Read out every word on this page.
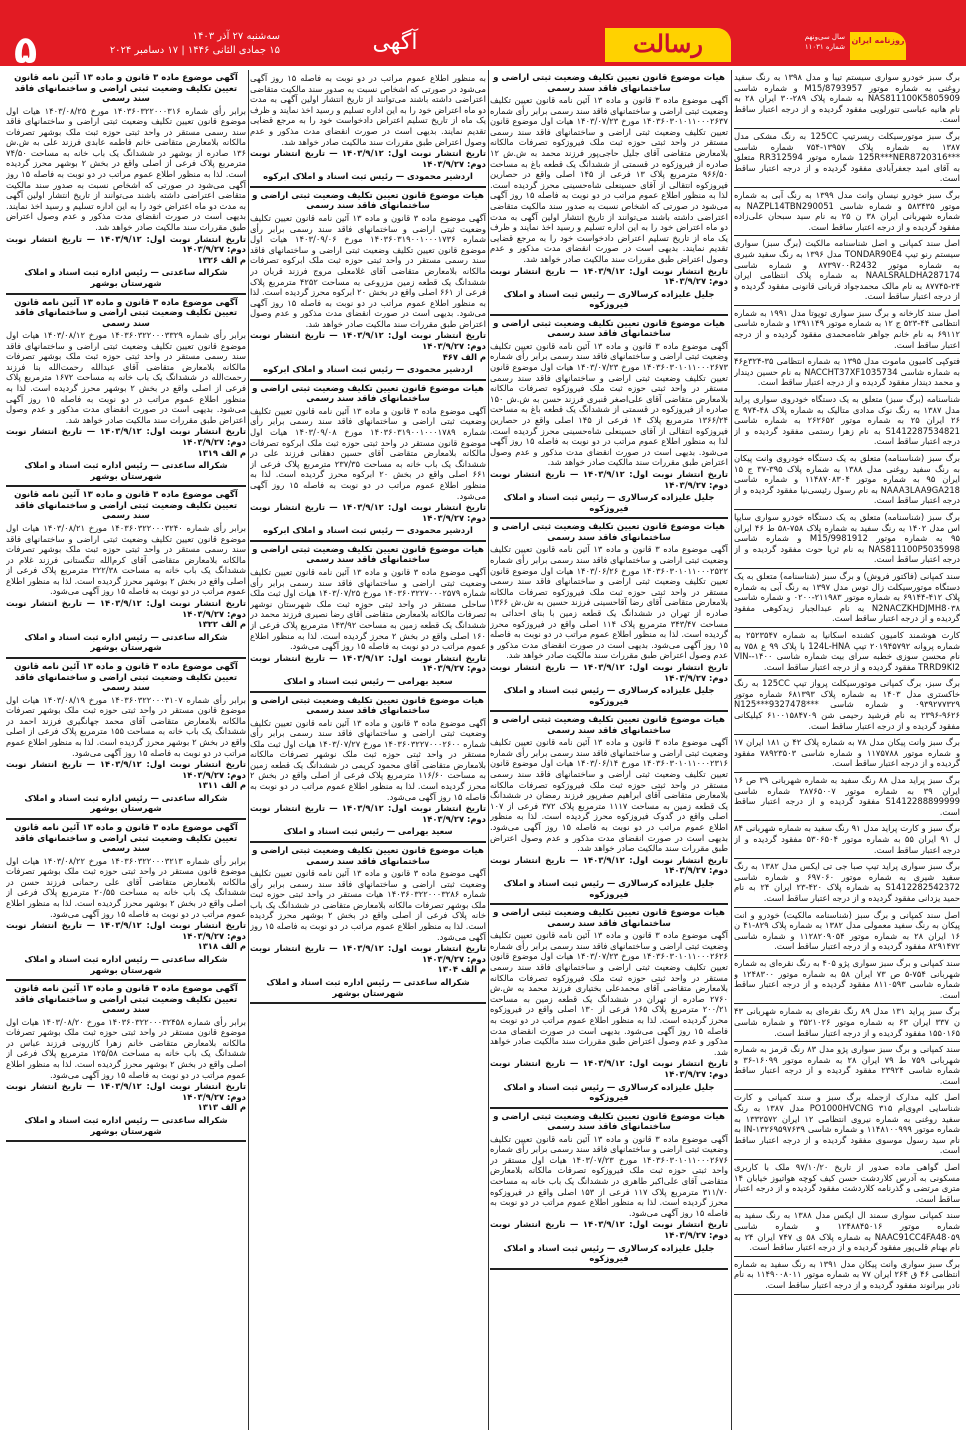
۵	سه‌شنبه ۲۷ آذر ۱۴۰۳
۱۵ جمادی الثانی ۱۴۴۶ | ۱۷ دسامبر ۲۰۲۴	آگهی	رسالت	سال سی‌ونهم
شماره ۱۱۰۳۱
روزنامه ایران
برگ سبز خودرو سواری سیستم تیبا و مدل ۱۳۹۸ به رنگ سفید روغنی به شماره موتور M15/8793957 و شماره شاسی NAS811100K5805909 به شماره پلاک ۲۸۹-۳۰ ایران ۲۸ به نام هانیه عباسی تنورلویی مفقود گردیده و از درجه اعتبار ساقط است.
برگ سبز موتورسیکلت ریسرتیپ 125CC به رنگ مشکی مدل ۱۳۸۷ به شماره پلاک ۱۳۹۵۷-۷۵۴ شماره شاسی ***125R***NER8720316 شماره موتور RR312594 متعلق به آقای امید جعفرآبادی مفقود گردیده و از درجه اعتبار ساقط است.
برگ سبز خودرو نیسان وانت مدل ۱۳۹۹ به رنگ آبی به شماره موتور ۵۸۳۴۳۵ و شماره شاسی NAZPL14TBN290051 به شماره شهربانی ایران ۳۸ ن ۲۵ به نام سید سبحان علی‌زاده مفقود گردیده و از درجه اعتبار ساقط است.
اصل سند کمپانی و اصل شناسنامه مالکیت (برگ سبز) سواری سیستم رنو تیپ TONDAR90E4 مدل ۱۳۹۶ به رنگ سفید شیری به شماره موتور ۸۷۳۹۷۰۰R2432 و شماره شاسی NAALSRALDHA287174 به شماره پلاک انتظامی ایران ۲۴-۸۷۷۴۵ به نام مالک محمدجواد قربانی قانونی مفقود گردیده و از درجه اعتبار ساقط است.
اصل سند کارخانه و برگ سبز سواری تویوتا مدل ۱۹۹۱ به شماره انتظامی ۴۴-۵۲۳ ج ۱۲ به شماره موتور ۱۳۹۱۱۴۹ و شماره شاسی ۶۹۱۱۲ به نام خانم جواهر شاه‌محمدی مفقود گردیده و از درجه اعتبار ساقط است.
فتوکپی کامیون ماموت مدل ۱۳۹۵ به شماره انتظامی ۳۵-۳۲۴ع۴۶ به شماره شاسی NACCHT37XF1035734 به نام حسین دیندار و محمد دیندار مفقود گردیده و از درجه اعتبار ساقط است.
شناسنامه (برگ سبز) متعلق به یک دستگاه خودروی سواری پراید مدل ۱۳۸۷ به رنگ نوک مدادی متالیک به شماره پلاک ۴۸-۹۷۴ ج ۲۶ ایران ۲۵ به شماره موتور ۲۶۲۶۵۲ به شماره شاسی S1412287534821 به نام زهرا رستمی مفقود گردیده و از درجه اعتبار ساقط است.
برگ سبز (شناسنامه) متعلق به یک دستگاه خودروی وانت پیکان به رنگ سفید روغنی مدل ۱۳۸۸ به شماره پلاک ۳۹۵-۳۷ ج ۱۵ ایران ۹۵ به شماره موتور ۱۱۴۸۷۰۸۳۰۴ و شماره شاسی NAAA3LAA9GA218 به نام رسول رئیسی‌نیا مفقود گردیده و از درجه اعتبار ساقط است.
برگ سبز (شناسنامه) متعلق به یک دستگاه خودرو سواری سایپا اس مدل ۱۴۰۲ به رنگ سفید به شماره پلاک ۷۵۸-۵۸ ط ۴۶ ایران ۹۵ به شماره موتور M15/9981912 و شماره شاسی NAS811100P5035998 به نام ثریا حوت مفقود گردیده و از درجه اعتبار ساقط است.
سند کمپانی (فاکتور فروش) و برگ سبز (شناسنامه) متعلق به یک دستگاه موتورسیکلت زال توس مدل ۱۳۹۷ به رنگ آبی به شماره پلاک ۴۱۲-۶۹۱۴۴ به شماره موتور ۲۱۱۹۸۳-۰۲۰۰ و شماره شاسی N2NACZKHDJMH8۰۳۸ به نام عبدالجبار زیدکوهی مفقود گردیده و از درجه اعتبار ساقط است.
کارت هوشمند کامیون کشنده اسکانیا به شماره ۲۵۲۳۵۴۷ به شماره پروانه ۲۰۱۹۴۵۷۹۲ تیپ 124L-HNA با پلاک ۹۹ ع ۷۵۸ به نام محسن سوزی خطبه سرای بیت شماره شاسی ۱۴۰۰-VIN-TRRD9KI2 مفقود گردیده و از درجه اعتبار ساقط است.
برگ سبز، برگ کمپانی موتورسیکلت پرواز تیپ 125CC به رنگ خاکستری مدل ۱۴۰۳ به شماره پلاک ۶۸۱۳۹۳ شماره موتور ۰۹۳۹۲۷۷۳۲۹ و شماره شاسی ***N125***9327478 ۲۳۹۶-۹۶۲۶ به نام فرشید رحیمی شن ۶۱۰۰۱۵۸۴۷۰۹ کیلیکانی مفقود گردیده و از درجه اعتبار ساقط است.
برگ سبز وانت پیکان مدل ۷۸ به شماره پلاک ۴۲ ن ۱۸۱ ایران ۱۷ و شماره موتور ۱۱۷۵۷۸۸ و شماره شاسی ۷۸۹۲۳۵۰۳ مفقود گردیده و از درجه اعتبار ساقط است.
برگ سبز پراید مدل ۸۸ رنگ سفید به شماره شهربانی ۳۹ ص ۱۶ ایران ۳۹ به شماره موتور ۲۸۷۶۵۰۰۷ شماره شاسی S1412288899999 مفقود گردیده و از درجه اعتبار ساقط است.
برگ سبز و کارت پراید مدل ۹۱ رنگ سفید به شماره شهربانی ۸۴ ل ۹۱ ایران ۵۵ به شماره موتور ۵۳۰۶۵۰۴ مفقود گردیده و از درجه اعتبار ساقط است.
برگ سبز سواری پراید تیپ صبا جی تی ایکس مدل ۱۳۸۲ به رنگ سفید شیری به شماره موتور ۶۹۷۰۶۰ و شماره شاسی S1412282542372 به شماره پلاک ۴۲۰-۲۳ ایران ۲۴ به نام حمید یزدانی مفقود گردیده و از درجه اعتبار ساقط است.
اصل سند کمپانی و برگ سبز (شناسنامه مالکیت) خودرو و انت پیکان به رنگ سفید معمولی مدل ۱۳۸۲ به شماره پلاک ۸۲۹-۴۱ ن ۱۶ ایران ۲۸ به شماره موتور ۱۱۲۸۲۰۹۰۵۴ و شماره شاسی ۸۲۹۱۴۷۲ مفقود گردیده و از درجه اعتبار ساقط است.
سند کمپانی و برگ سبز سواری پژو ۴۰۵ به رنگ نقره‌ای به شماره شهربانی ۷۵۴-۵ ص ۷۳ ایران ۵۸ به شماره موتور ۱۲۴۸۳۰۰ و شماره شاسی ۸۱۱۰۵۹۳ مفقود گردیده و از درجه اعتبار ساقط است.
برگ سبز پراید ۱۳۱ مدل ۸۹ رنگ نقره‌ای به شماره شهربانی ۴۳ ن ۳۳۷ ایران ۶۳ به شماره موتور ۳۵۲۱۰۲۶ و شماره شاسی ۱۵۵۰۱۶۵ مفقود گردیده و از درجه اعتبار ساقط است.
سند کمپانی و برگ سبز سواری پژو مدل ۸۳ رنگ قرمز به شماره شهربانی ۷۵۹ ط ۷۹ ایران ۲۸ به شماره موتور ۱۶۰۹۹-۳۶ و شماره شاسی ۲۳۹۲۴ مفقود گردیده و از درجه اعتبار ساقط است.
اصل کلیه مدارک ازجمله برگ سبز و سند کمپانی و کارت شناسایی ام‌وی‌ام ۳۱۵ PO1000HVCNG مدل ۱۳۸۷ به رنگ سفید روغنی به شماره نیروی انتظامی ۱۲ ایران ۱۳۳۲۵۷۲ به شماره موتور ۱۱۴۸۱۰۰۹۹۹ و شماره شاسی IN-۱۳۲۶۹۵۹۷۶۳۹ به نام سید رسول موسوی مفقود گردیده و از درجه اعتبار ساقط است.
اصل گواهی ماده صدور از تاریخ ۹۷/۱۰/۲۰ ملک با کاربری مسکونی به آدرس کلاردشت حسن کیف کوچه هواتیوز خیابان ۱۴ متری مرتضی و گذرنامه کلاردشت مفقود گردیده و از درجه اعتبار ساقط است.
سند کمپانی سواری سمند ال ایکس مدل ۱۳۸۸ به رنگ سفید به شماره موتور ۱۲۴۸۸۴۵۰۱۶ و شماره شاسی NAAC91CC4FA48۰۵۹ به شماره پلاک ۵۸ ی ۷۴۷ ایران ۲۴ به نام بهنام قلی‌پور مفقود گردیده و از درجه اعتبار ساقط است.
برگ سبز سواری وانت پیکان مدل ۱۳۹۱ به رنگ سفید به شماره انتظامی ۴۶ ق ۲۶۴ ایران ۷۷ به شماره موتور ۱۱۴۹۰۰۸۰۱۱ به نام نادر بیرانوند مفقود گردیده و از درجه اعتبار ساقط است.
هیات موضوع قانون تعیین تکلیف وضعیت ثبتی اراضی و ساختمانهای فاقد سند رسمی
آگهی موضوع ماده ۳ قانون و ماده ۱۳ آئین نامه قانون تعیین تکلیف وضعیت ثبتی اراضی و ساختمانهای فاقد سند رسمی برابر رأی شماره ۱۴۰۳۶۰۳۰۱۰۱۱۰۰۰۲۶۳۷ مورخ ۱۴۰۳/۰۷/۲۳ هیات اول موضوع قانون تعیین تکلیف وضعیت ثبتی اراضی و ساختمانهای فاقد سند رسمی مستقر در واحد ثبتی حوزه ثبت ملک فیروزکوه تصرفات مالکانه بلامعارض متقاضی آقای جلیل حاجی‌پور فرزند محمد به ش.ش ۱۲ صادره از فیروزکوه در قسمتی از ششدانگ یک قطعه باغ به مساحت ۹۶۶/۵۰ مترمربع پلاک ۱۳ فرعی از ۱۴۵ اصلی واقع در حصارین فیروزکوه انتقالی از آقای حسینعلی شاه‌حسینی محرز گردیده است. لذا به منظور اطلاع عموم مراتب در دو نوبت به فاصله ۱۵ روز آگهی می‌شود در صورتی که اشخاص نسبت به صدور سند مالکیت متقاضی اعتراضی داشته باشند می‌توانند از تاریخ انتشار اولین آگهی به مدت دو ماه اعتراض خود را به این اداره تسلیم و رسید اخذ نمایند و ظرف یک ماه از تاریخ تسلیم اعتراض دادخواست خود را به مرجع قضایی تقدیم نمایند. بدیهی است در صورت انقضای مدت مذکور و عدم وصول اعتراض طبق مقررات سند مالکیت صادر خواهد شد.
تاریخ انتشار نوبت اول: ۱۴۰۳/۹/۱۲ — تاریخ انتشار نوبت دوم: ۱۴۰۳/۹/۲۷
جلیل علیزاده کرسالاری — رئیس ثبت اسناد و املاک فیروزکوه
هیات موضوع قانون تعیین تکلیف وضعیت ثبتی اراضی و ساختمانهای فاقد سند رسمی
آگهی موضوع ماده ۳ قانون و ماده ۱۳ آئین نامه قانون تعیین تکلیف وضعیت ثبتی اراضی و ساختمانهای فاقد سند رسمی برابر رأی شماره ۱۴۰۳۶۰۳۰۱۰۱۱۰۰۰۲۶۷۳ مورخ ۱۴۰۳/۰۷/۲۳ هیات اول موضوع قانون تعیین تکلیف وضعیت ثبتی اراضی و ساختمانهای فاقد سند رسمی مستقر در واحد ثبتی حوزه ثبت ملک فیروزکوه تصرفات مالکانه بلامعارض متقاضی آقای علی‌اصغر قنبری فرزند حسن به ش.ش ۱۵۰ صادره از فیروزکوه در قسمتی از ششدانگ یک قطعه باغ به مساحت ۱۳۶۶/۲۴ مترمربع پلاک ۱۴ فرعی از ۱۴۵ اصلی واقع در حصارین فیروزکوه انتقالی از آقای حسینعلی شاه‌حسینی محرز گردیده است. لذا به منظور اطلاع عموم مراتب در دو نوبت به فاصله ۱۵ روز آگهی می‌شود. بدیهی است در صورت انقضای مدت مذکور و عدم وصول اعتراض طبق مقررات سند مالکیت صادر خواهد شد.
تاریخ انتشار نوبت اول: ۱۴۰۳/۹/۱۲ — تاریخ انتشار نوبت دوم: ۱۴۰۳/۹/۲۷
جلیل علیزاده کرسالاری — رئیس ثبت اسناد و املاک فیروزکوه
هیات موضوع قانون تعیین تکلیف وضعیت ثبتی اراضی و ساختمانهای فاقد سند رسمی
آگهی موضوع ماده ۳ قانون و ماده ۱۳ آئین نامه قانون تعیین تکلیف وضعیت ثبتی اراضی و ساختمانهای فاقد سند رسمی برابر رأی شماره ۱۴۰۳۶۰۳۰۱۰۱۱۰۰۰۲۵۲۲ مورخ ۱۴۰۳/۰۶/۲۶ هیات اول موضوع قانون تعیین تکلیف وضعیت ثبتی اراضی و ساختمانهای فاقد سند رسمی مستقر در واحد ثبتی حوزه ثبت ملک فیروزکوه تصرفات مالکانه بلامعارض متقاضی آقای رضا آقاحسینی فرزند حسین به ش.ش ۱۳۶۶ صادره از تهران در ششدانگ یک قطعه زمین با بنای احداثی به مساحت ۳۴۳/۴۷ مترمربع پلاک ۱۱۴ اصلی واقع در فیروزکوه محرز گردیده است. لذا به منظور اطلاع عموم مراتب در دو نوبت به فاصله ۱۵ روز آگهی می‌شود. بدیهی است در صورت انقضای مدت مذکور و عدم وصول اعتراض طبق مقررات سند مالکیت صادر خواهد شد.
تاریخ انتشار نوبت اول: ۱۴۰۳/۹/۱۲ — تاریخ انتشار نوبت دوم: ۱۴۰۳/۹/۲۷
جلیل علیزاده کرسالاری — رئیس ثبت اسناد و املاک فیروزکوه
هیات موضوع قانون تعیین تکلیف وضعیت ثبتی اراضی و ساختمانهای فاقد سند رسمی
آگهی موضوع ماده ۳ قانون و ماده ۱۳ آئین نامه قانون تعیین تکلیف وضعیت ثبتی اراضی و ساختمانهای فاقد سند رسمی برابر رأی شماره ۱۴۰۳۶۰۳۰۱۰۱۱۰۰۰۲۳۱۶ مورخ ۱۴۰۳/۰۶/۱۴ هیات اول موضوع قانون تعیین تکلیف وضعیت ثبتی اراضی و ساختمانهای فاقد سند رسمی مستقر در واحد ثبتی حوزه ثبت ملک فیروزکوه تصرفات مالکانه بلامعارض متقاضی آقای ابراهیم صفرپور فرزند رمضان در ششدانگ یک قطعه زمین به مساحت ۱۱۱۷ مترمربع پلاک ۳۷۲ فرعی از ۱۰۷ اصلی واقع در گدوک فیروزکوه محرز گردیده است. لذا به منظور اطلاع عموم مراتب در دو نوبت به فاصله ۱۵ روز آگهی می‌شود. بدیهی است در صورت انقضای مدت مذکور و عدم وصول اعتراض طبق مقررات سند مالکیت صادر خواهد شد.
تاریخ انتشار نوبت اول: ۱۴۰۳/۹/۱۲ — تاریخ انتشار نوبت دوم: ۱۴۰۳/۹/۲۷
جلیل علیزاده کرسالاری — رئیس ثبت اسناد و املاک فیروزکوه
هیات موضوع قانون تعیین تکلیف وضعیت ثبتی اراضی و ساختمانهای فاقد سند رسمی
آگهی موضوع ماده ۳ قانون و ماده ۱۳ آئین نامه قانون تعیین تکلیف وضعیت ثبتی اراضی و ساختمانهای فاقد سند رسمی برابر رأی شماره ۱۴۰۳۶۰۳۰۱۰۱۱۰۰۰۲۶۲۶ مورخ ۱۴۰۳/۰۷/۲۳ هیات اول موضوع قانون تعیین تکلیف وضعیت ثبتی اراضی و ساختمانهای فاقد سند رسمی مستقر در واحد ثبتی حوزه ثبت ملک فیروزکوه تصرفات مالکانه بلامعارض متقاضی آقای محمدعلی بختیاری فرزند محمد به ش.ش ۲۷۶۰ صادره از تهران در ششدانگ یک قطعه زمین به مساحت ۲۰۰/۲۱ مترمربع پلاک ۱۶۵ فرعی از ۱۳۰ اصلی واقع در فیروزکوه محرز گردیده است. لذا به منظور اطلاع عموم مراتب در دو نوبت به فاصله ۱۵ روز آگهی می‌شود. بدیهی است در صورت انقضای مدت مذکور و عدم وصول اعتراض طبق مقررات سند مالکیت صادر خواهد شد.
تاریخ انتشار نوبت اول: ۱۴۰۳/۹/۱۲ — تاریخ انتشار نوبت دوم: ۱۴۰۳/۹/۲۷
جلیل علیزاده کرسالاری — رئیس ثبت اسناد و املاک فیروزکوه
هیات موضوع قانون تعیین تکلیف وضعیت ثبتی اراضی و ساختمانهای فاقد سند رسمی
آگهی موضوع ماده ۳ قانون و ماده ۱۳ آئین نامه قانون تعیین تکلیف وضعیت ثبتی اراضی و ساختمانهای فاقد سند رسمی برابر رأی شماره ۱۴۰۳۶۰۳۰۱۰۱۱۰۰۰۲۶۷۶ مورخ ۱۴۰۳/۰۷/۲۳ هیات اول مستقر در واحد ثبتی حوزه ثبت ملک فیروزکوه تصرفات مالکانه بلامعارض متقاضی آقای علی‌اکبر طاهری در ششدانگ یک باب خانه به مساحت ۳۱۱/۷۰ مترمربع پلاک ۱۱۷ فرعی از ۱۵۳ اصلی واقع در فیروزکوه محرز گردیده است. لذا به منظور اطلاع عموم مراتب در دو نوبت به فاصله ۱۵ روز آگهی می‌شود.
تاریخ انتشار نوبت اول: ۱۴۰۳/۹/۱۲ — تاریخ انتشار نوبت دوم: ۱۴۰۳/۹/۲۷
جلیل علیزاده کرسالاری — رئیس ثبت اسناد و املاک فیروزکوه
به منظور اطلاع عموم مراتب در دو نوبت به فاصله ۱۵ روز آگهی می‌شود در صورتی که اشخاص نسبت به صدور سند مالکیت متقاضی اعتراضی داشته باشند می‌توانند از تاریخ انتشار اولین آگهی به مدت دو ماه اعتراض خود را به این اداره تسلیم و رسید اخذ نمایند و ظرف یک ماه از تاریخ تسلیم اعتراض دادخواست خود را به مرجع قضایی تقدیم نمایند. بدیهی است در صورت انقضای مدت مذکور و عدم وصول اعتراض طبق مقررات سند مالکیت صادر خواهد شد.
تاریخ انتشار نوبت اول: ۱۴۰۳/۹/۱۲ — تاریخ انتشار نوبت دوم: ۱۴۰۳/۹/۲۷
اردشیر محمودی — رئیس ثبت اسناد و املاک ابرکوه
هیات موضوع قانون تعیین تکلیف وضعیت ثبتی اراضی و ساختمانهای فاقد سند رسمی
آگهی موضوع ماده ۳ قانون و ماده ۱۳ آئین نامه قانون تعیین تکلیف وضعیت ثبتی اراضی و ساختمانهای فاقد سند رسمی برابر رأی شماره ۱۴۰۳۶۰۳۱۹۰۰۱۰۰۰۱۷۳۶ مورخ ۱۴۰۳/۰۹/۰۶ هیات اول موضوع قانون تعیین تکلیف وضعیت ثبتی اراضی و ساختمانهای فاقد سند رسمی مستقر در واحد ثبتی حوزه ثبت ملک ابرکوه تصرفات مالکانه بلامعارض متقاضی آقای غلامعلی مروج فرزند قربان در ششدانگ یک قطعه زمین مزروعی به مساحت ۴۲۵۲ مترمربع پلاک فرعی از ۶۶۱ اصلی واقع در بخش ۲۰ ابرکوه محرز گردیده است. لذا به منظور اطلاع عموم مراتب در دو نوبت به فاصله ۱۵ روز آگهی می‌شود. بدیهی است در صورت انقضای مدت مذکور و عدم وصول اعتراض طبق مقررات سند مالکیت صادر خواهد شد.
تاریخ انتشار نوبت اول: ۱۴۰۳/۹/۱۲ — تاریخ انتشار نوبت دوم: ۱۴۰۳/۹/۲۷
م الف ۴۶۷
اردشیر محمودی — رئیس ثبت اسناد و املاک ابرکوه
هیات موضوع قانون تعیین تکلیف وضعیت ثبتی اراضی و ساختمانهای فاقد سند رسمی
آگهی موضوع ماده ۳ قانون و ماده ۱۳ آئین نامه قانون تعیین تکلیف وضعیت ثبتی اراضی و ساختمانهای فاقد سند رسمی برابر رأی شماره ۱۴۰۳۶۰۳۱۹۰۰۱۰۰۰۱۷۸۹ مورخ ۱۴۰۳/۰۹/۰۸ هیات اول موضوع قانون مستقر در واحد ثبتی حوزه ثبت ملک ابرکوه تصرفات مالکانه بلامعارض متقاضی آقای حسین دهقانی فرزند علی در ششدانگ یک باب خانه به مساحت ۲۳۷/۳۵ مترمربع پلاک فرعی از ۶۶۱ اصلی واقع در بخش ۲۰ ابرکوه محرز گردیده است. لذا به منظور اطلاع عموم مراتب در دو نوبت به فاصله ۱۵ روز آگهی می‌شود.
تاریخ انتشار نوبت اول: ۱۴۰۳/۹/۱۲ — تاریخ انتشار نوبت دوم: ۱۴۰۳/۹/۲۷
اردشیر محمودی — رئیس ثبت اسناد و املاک ابرکوه
هیات موضوع قانون تعیین تکلیف وضعیت ثبتی اراضی و ساختمانهای فاقد سند رسمی
آگهی موضوع ماده ۳ قانون و ماده ۱۳ آئین نامه قانون تعیین تکلیف وضعیت ثبتی اراضی و ساختمانهای فاقد سند رسمی برابر رأی شماره ۱۴۰۳۶۰۳۲۲۷۰۰۰۲۵۷۹ مورخ ۱۴۰۳/۰۷/۲۵ هیات اول ثبت ملک ساحلی مستقر در واحد ثبتی حوزه ثبت ملک شهرستان نوشهر تصرفات مالکانه بلامعارض متقاضی آقای رضا نصیری فرزند محمد در ششدانگ یک قطعه زمین به مساحت ۱۴۳/۹۲ مترمربع پلاک فرعی از ۱۶۰ اصلی واقع در بخش ۲ محرز گردیده است. لذا به منظور اطلاع عموم مراتب در دو نوبت به فاصله ۱۵ روز آگهی می‌شود.
تاریخ انتشار نوبت اول: ۱۴۰۳/۹/۱۲ — تاریخ انتشار نوبت دوم: ۱۴۰۳/۹/۲۷
سعید بهرامی — رئیس ثبت اسناد و املاک
هیات موضوع قانون تعیین تکلیف وضعیت ثبتی اراضی و ساختمانهای فاقد سند رسمی
آگهی موضوع ماده ۳ قانون و ماده ۱۳ آئین نامه قانون تعیین تکلیف وضعیت ثبتی اراضی و ساختمانهای فاقد سند رسمی برابر رأی شماره ۱۴۰۳۶۰۳۲۲۷۰۰۰۲۶۰۰ مورخ ۱۴۰۳/۰۷/۲۷ هیات اول ثبت ملک مستقر در واحد ثبتی حوزه ثبت ملک نوشهر تصرفات مالکانه بلامعارض متقاضی آقای محمود کریمی در ششدانگ یک قطعه زمین به مساحت ۱۱۶/۶۰ مترمربع پلاک فرعی از اصلی واقع در بخش ۲ محرز گردیده است. لذا به منظور اطلاع عموم مراتب در دو نوبت به فاصله ۱۵ روز آگهی می‌شود.
تاریخ انتشار نوبت اول: ۱۴۰۳/۹/۱۲ — تاریخ انتشار نوبت دوم: ۱۴۰۳/۹/۲۷
سعید بهرامی — رئیس ثبت اسناد و املاک
هیات موضوع قانون تعیین تکلیف وضعیت ثبتی اراضی و ساختمانهای فاقد سند رسمی
آگهی موضوع ماده ۳ قانون و ماده ۱۳ آئین نامه قانون تعیین تکلیف وضعیت ثبتی اراضی و ساختمانهای فاقد سند رسمی برابر رأی شماره ۱۴۰۳۶۰۳۲۲۰۰۰۳۲۸۶ هیات مستقر در واحد ثبتی حوزه ثبت ملک بوشهر تصرفات مالکانه بلامعارض متقاضی در ششدانگ یک باب خانه پلاک فرعی از اصلی واقع در بخش ۲ بوشهر محرز گردیده است. لذا به منظور اطلاع عموم مراتب در دو نوبت به فاصله ۱۵ روز آگهی می‌شود.
تاریخ انتشار نوبت اول: ۱۴۰۳/۹/۱۲ — تاریخ انتشار نوبت دوم: ۱۴۰۳/۹/۲۷
م الف ۱۳۰۴
شکراله ساعدتی — رئیس اداره ثبت اسناد و املاک شهرستان بوشهر
آگهی موضوع ماده ۳ قانون و ماده ۱۳ آئین نامه قانون تعیین تکلیف وضعیت ثبتی اراضی و ساختمانهای فاقد سند رسمی
برابر رأی شماره ۱۴۰۳۶۰۳۲۲۰۰۰۳۱۶ مورخ ۱۴۰۳/۰۸/۲۵ هیات اول موضوع قانون تعیین تکلیف وضعیت ثبتی اراضی و ساختمانهای فاقد سند رسمی مستقر در واحد ثبتی حوزه ثبت ملک بوشهر تصرفات مالکانه بلامعارض متقاضی خانم فاطمه عابدی فرزند علی به ش.ش ۱۳۶ صادره از بوشهر در ششدانگ یک باب خانه به مساحت ۷۴/۵۰ مترمربع پلاک فرعی از اصلی واقع در بخش ۲ بوشهر محرز گردیده است. لذا به منظور اطلاع عموم مراتب در دو نوبت به فاصله ۱۵ روز آگهی می‌شود در صورتی که اشخاص نسبت به صدور سند مالکیت متقاضی اعتراضی داشته باشند می‌توانند از تاریخ انتشار اولین آگهی به مدت دو ماه اعتراض خود را به این اداره تسلیم و رسید اخذ نمایند. بدیهی است در صورت انقضای مدت مذکور و عدم وصول اعتراض طبق مقررات سند مالکیت صادر خواهد شد.
تاریخ انتشار نوبت اول: ۱۴۰۳/۹/۱۲ — تاریخ انتشار نوبت دوم: ۱۴۰۳/۹/۲۷
م الف ۱۳۲۶
شکراله ساعدتی — رئیس اداره ثبت اسناد و املاک شهرستان بوشهر
آگهی موضوع ماده ۳ قانون و ماده ۱۳ آئین نامه قانون تعیین تکلیف وضعیت ثبتی اراضی و ساختمانهای فاقد سند رسمی
برابر رأی شماره ۱۴۰۳۶۰۳۲۲۰۰۰۳۳۲۹ مورخ ۱۴۰۳/۰۸/۱۲ هیات اول موضوع قانون تعیین تکلیف وضعیت ثبتی اراضی و ساختمانهای فاقد سند رسمی مستقر در واحد ثبتی حوزه ثبت ملک بوشهر تصرفات مالکانه بلامعارض متقاضی آقای عبدالله رحمت‌الله بنا فرزند رحمت‌الله در ششدانگ یک باب خانه به مساحت ۱۶۷۲ مترمربع پلاک فرعی از اصلی واقع در بخش ۲ بوشهر محرز گردیده است. لذا به منظور اطلاع عموم مراتب در دو نوبت به فاصله ۱۵ روز آگهی می‌شود. بدیهی است در صورت انقضای مدت مذکور و عدم وصول اعتراض طبق مقررات سند مالکیت صادر خواهد شد.
تاریخ انتشار نوبت اول: ۱۴۰۳/۹/۱۲ — تاریخ انتشار نوبت دوم: ۱۴۰۳/۹/۲۷
م الف ۱۳۱۹
شکراله ساعدتی — رئیس اداره ثبت اسناد و املاک شهرستان بوشهر
آگهی موضوع ماده ۳ قانون و ماده ۱۳ آئین نامه قانون تعیین تکلیف وضعیت ثبتی اراضی و ساختمانهای فاقد سند رسمی
برابر رأی شماره ۱۴۰۳۶۰۳۲۲۰۰۰۳۲۴۰ مورخ ۱۴۰۳/۰۸/۲۱ هیات اول موضوع قانون تعیین تکلیف وضعیت ثبتی اراضی و ساختمانهای فاقد سند رسمی مستقر در واحد ثبتی حوزه ثبت ملک بوشهر تصرفات مالکانه بلامعارض متقاضی آقای کرم‌الله تنگستانی فرزند غلام در ششدانگ یک باب خانه به مساحت ۲۲۲/۳۸ مترمربع پلاک فرعی از اصلی واقع در بخش ۲ بوشهر محرز گردیده است. لذا به منظور اطلاع عموم مراتب در دو نوبت به فاصله ۱۵ روز آگهی می‌شود.
تاریخ انتشار نوبت اول: ۱۴۰۳/۹/۱۲ — تاریخ انتشار نوبت دوم: ۱۴۰۳/۹/۲۷
م الف ۱۳۲۲
شکراله ساعدتی — رئیس اداره ثبت اسناد و املاک شهرستان بوشهر
آگهی موضوع ماده ۳ قانون و ماده ۱۳ آئین نامه قانون تعیین تکلیف وضعیت ثبتی اراضی و ساختمانهای فاقد سند رسمی
برابر رأی شماره ۱۴۰۳۶۰۳۲۲۰۰۰۳۱۰۷ مورخ ۱۴۰۳/۰۸/۱۹ هیات اول موضوع قانون مستقر در واحد ثبتی حوزه ثبت ملک بوشهر تصرفات مالکانه بلامعارض متقاضی آقای محمد جهانگیری فرزند احمد در ششدانگ یک باب خانه به مساحت ۱۵۵ مترمربع پلاک فرعی از اصلی واقع در بخش ۲ بوشهر محرز گردیده است. لذا به منظور اطلاع عموم مراتب در دو نوبت به فاصله ۱۵ روز آگهی می‌شود.
تاریخ انتشار نوبت اول: ۱۴۰۳/۹/۱۲ — تاریخ انتشار نوبت دوم: ۱۴۰۳/۹/۲۷
م الف ۱۳۱۱
شکراله ساعدتی — رئیس اداره ثبت اسناد و املاک شهرستان بوشهر
آگهی موضوع ماده ۳ قانون و ماده ۱۳ آئین نامه قانون تعیین تکلیف وضعیت ثبتی اراضی و ساختمانهای فاقد سند رسمی
برابر رأی شماره ۱۴۰۳۶۰۳۲۲۰۰۰۳۲۱۳ مورخ ۱۴۰۳/۰۸/۲۲ هیات اول موضوع قانون مستقر در واحد ثبتی حوزه ثبت ملک بوشهر تصرفات مالکانه بلامعارض متقاضی آقای علی رحمانی فرزند حسن در ششدانگ یک باب خانه به مساحت ۲۰/۵۵ مترمربع پلاک فرعی از اصلی واقع در بخش ۲ بوشهر محرز گردیده است. لذا به منظور اطلاع عموم مراتب در دو نوبت به فاصله ۱۵ روز آگهی می‌شود.
تاریخ انتشار نوبت اول: ۱۴۰۳/۹/۱۲ — تاریخ انتشار نوبت دوم: ۱۴۰۳/۹/۲۷
م الف ۱۳۱۸
شکراله ساعدتی — رئیس اداره ثبت اسناد و املاک شهرستان بوشهر
آگهی موضوع ماده ۳ قانون و ماده ۱۳ آئین نامه قانون تعیین تکلیف وضعیت ثبتی اراضی و ساختمانهای فاقد سند رسمی
برابر رأی شماره ۱۴۰۳۶۰۳۲۲۰۰۰۳۲۴۵۸ مورخ ۱۴۰۳/۰۸/۲۰ هیات اول موضوع قانون مستقر در واحد ثبتی حوزه ثبت ملک بوشهر تصرفات مالکانه بلامعارض متقاضی خانم زهرا کازرونی فرزند عباس در ششدانگ یک باب خانه به مساحت ۱۲۵/۵۸ مترمربع پلاک فرعی از اصلی واقع در بخش ۲ بوشهر محرز گردیده است. لذا به منظور اطلاع عموم مراتب در دو نوبت به فاصله ۱۵ روز آگهی می‌شود.
تاریخ انتشار نوبت اول: ۱۴۰۳/۹/۱۲ — تاریخ انتشار نوبت دوم: ۱۴۰۳/۹/۲۷
م الف ۱۳۱۳
شکراله ساعدتی — رئیس اداره ثبت اسناد و املاک شهرستان بوشهر
